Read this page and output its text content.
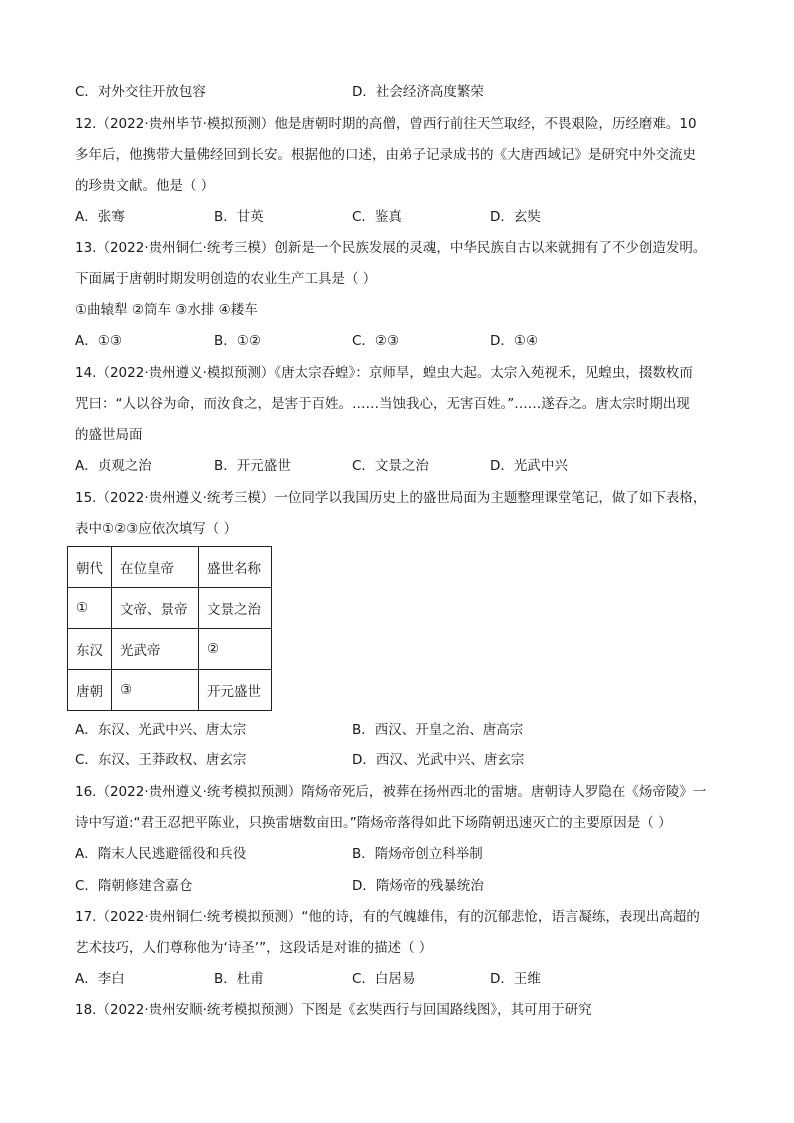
C．对外交往开放包容	D．社会经济高度繁荣
12.（2022·贵州毕节·模拟预测）他是唐朝时期的高僧，曾西行前往天竺取经，不畏艰险，历经磨难。10
多年后，他携带大量佛经回到长安。根据他的口述，由弟子记录成书的《大唐西域记》是研究中外交流史
的珍贵文献。他是（ ）
A．张骞	B．甘英	C．鉴真	D．玄奘
13.（2022·贵州铜仁·统考三模）创新是一个民族发展的灵魂，中华民族自古以来就拥有了不少创造发明。
下面属于唐朝时期发明创造的农业生产工具是（ ）
①曲辕犁 ②筒车 ③水排 ④耧车
A．①③	B．①②	C．②③	D．①④
14.（2022·贵州遵义·模拟预测）《唐太宗吞蝗》：京师旱，蝗虫大起。太宗入苑视禾，见蝗虫，掇数枚而
咒曰：“人以谷为命，而汝食之，是害于百姓。……当蚀我心，无害百姓。”……遂吞之。唐太宗时期出现
的盛世局面
A．贞观之治	B．开元盛世	C．文景之治	D．光武中兴
15.（2022·贵州遵义·统考三模）一位同学以我国历史上的盛世局面为主题整理课堂笔记，做了如下表格，
表中①②③应依次填写（ ）
朝代	在位皇帝	盛世名称
①	文帝、景帝	文景之治
东汉	光武帝	②
唐朝	③	开元盛世
A．东汉、光武中兴、唐太宗	B．西汉、开皇之治、唐高宗
C．东汉、王莽政权、唐玄宗	D．西汉、光武中兴、唐玄宗
16.（2022·贵州遵义·统考模拟预测）隋炀帝死后，被葬在扬州西北的雷塘。唐朝诗人罗隐在《炀帝陵》一
诗中写道:“君王忍把平陈业，只换雷塘数亩田。”隋炀帝落得如此下场隋朝迅速灭亡的主要原因是（ ）
A．隋末人民逃避徭役和兵役	B．隋炀帝创立科举制
C．隋朝修建含嘉仓	D．隋炀帝的残暴统治
17.（2022·贵州铜仁·统考模拟预测）“他的诗，有的气魄雄伟，有的沉郁悲怆，语言凝练，表现出高超的
艺术技巧，人们尊称他为‘诗圣’”，这段话是对谁的描述（ ）
A．李白	B．杜甫	C．白居易	D．王维
18.（2022·贵州安顺·统考模拟预测）下图是《玄奘西行与回国路线图》，其可用于研究
